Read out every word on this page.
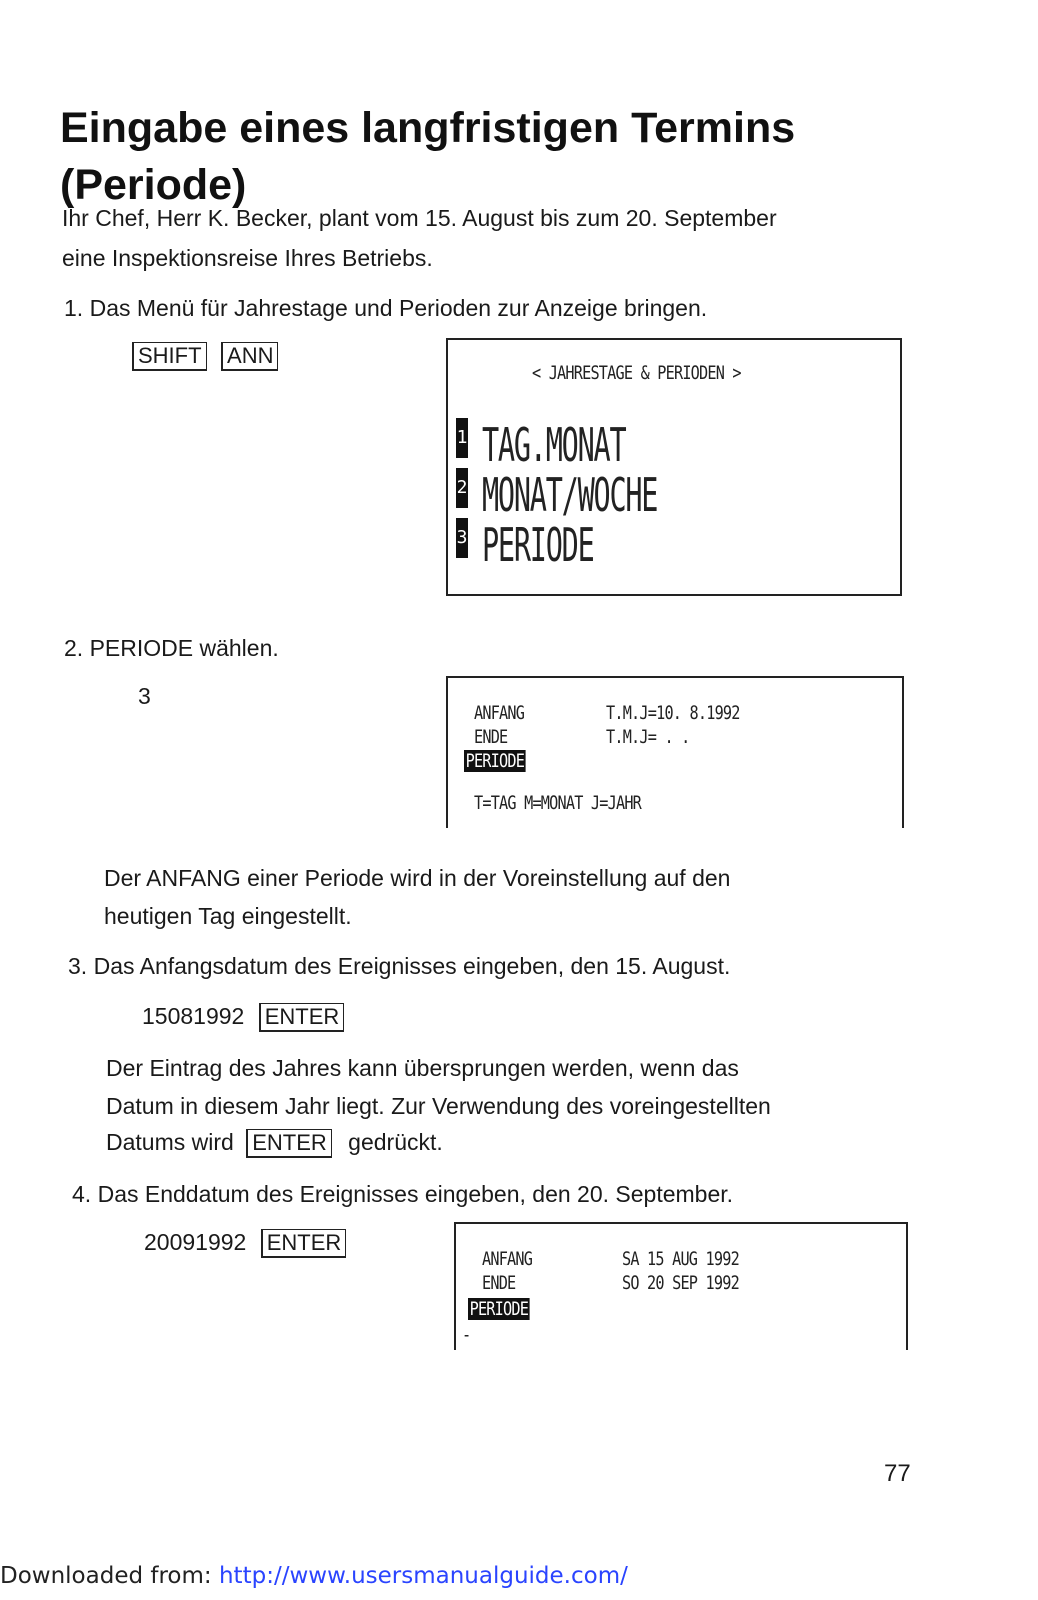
Eingabe eines langfristigen Termins (Periode)
Ihr Chef, Herr K. Becker, plant vom 15. August bis zum 20. September
eine Inspektionsreise Ihres Betriebs.
1. Das Menü für Jahrestage und Perioden zur Anzeige bringen.
SHIFT ANN
< JAHRESTAGE & PERIODEN >
1 TAG.MONAT
2 MONAT/WOCHE
3 PERIODE
2. PERIODE wählen.
3
ANFANG	T.M.J=10. 8.1992
ENDE	T.M.J= . .
PERIODE
T=TAG M=MONAT J=JAHR
Der ANFANG einer Periode wird in der Voreinstellung auf den
heutigen Tag eingestellt.
3. Das Anfangsdatum des Ereignisses eingeben, den 15. August.
15081992 ENTER
Der Eintrag des Jahres kann übersprungen werden, wenn das
Datum in diesem Jahr liegt. Zur Verwendung des voreingestellten
Datums wird ENTER gedrückt.
4. Das Enddatum des Ereignisses eingeben, den 20. September.
20091992 ENTER
ANFANG	SA 15 AUG 1992
ENDE	SO 20 SEP 1992
PERIODE
-
77
Downloaded from: http://www.usersmanualguide.com/
